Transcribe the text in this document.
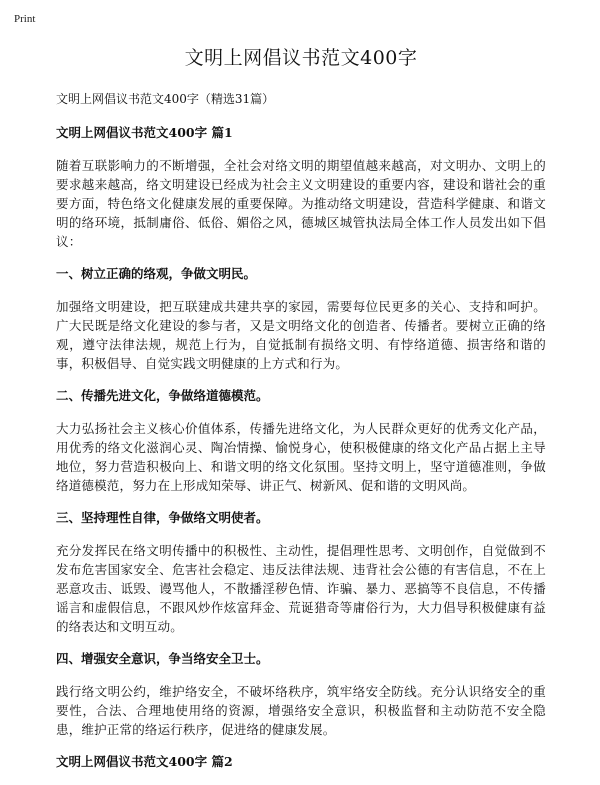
Print
文明上网倡议书范文400字

文明上网倡议书范文400字（精选31篇）

文明上网倡议书范文400字 篇1

随着互联影响力的不断增强，全社会对络文明的期望值越来越高，对文明办、文明上的要求越来越高，络文明建设已经成为社会主义文明建设的重要内容，建设和谐社会的重要方面，特色络文化健康发展的重要保障。为推动络文明建设，营造科学健康、和谐文明的络环境，抵制庸俗、低俗、媚俗之风，德城区城管执法局全体工作人员发出如下倡议：

一、树立正确的络观，争做文明民。

加强络文明建设，把互联建成共建共享的家园，需要每位民更多的关心、支持和呵护。广大民既是络文化建设的参与者，又是文明络文化的创造者、传播者。要树立正确的络观，遵守法律法规，规范上行为，自觉抵制有损络文明、有悖络道德、损害络和谐的事，积极倡导、自觉实践文明健康的上方式和行为。

二、传播先进文化，争做络道德模范。

大力弘扬社会主义核心价值体系，传播先进络文化，为人民群众更好的优秀文化产品，用优秀的络文化滋润心灵、陶冶情操、愉悦身心，使积极健康的络文化产品占据上主导地位，努力营造积极向上、和谐文明的络文化氛围。坚持文明上，坚守道德准则，争做络道德模范，努力在上形成知荣辱、讲正气、树新风、促和谐的文明风尚。

三、坚持理性自律，争做络文明使者。

充分发挥民在络文明传播中的积极性、主动性，提倡理性思考、文明创作，自觉做到不发布危害国家安全、危害社会稳定、违反法律法规、违背社会公德的有害信息，不在上恶意攻击、诋毁、谩骂他人，不散播淫秽色情、诈骗、暴力、恶搞等不良信息，不传播谣言和虚假信息，不跟风炒作炫富拜金、荒诞猎奇等庸俗行为，大力倡导积极健康有益的络表达和文明互动。

四、增强安全意识，争当络安全卫士。

践行络文明公约，维护络安全，不破坏络秩序，筑牢络安全防线。充分认识络安全的重要性，合法、合理地使用络的资源，增强络安全意识，积极监督和主动防范不安全隐患，维护正常的络运行秩序，促进络的健康发展。

文明上网倡议书范文400字 篇2
